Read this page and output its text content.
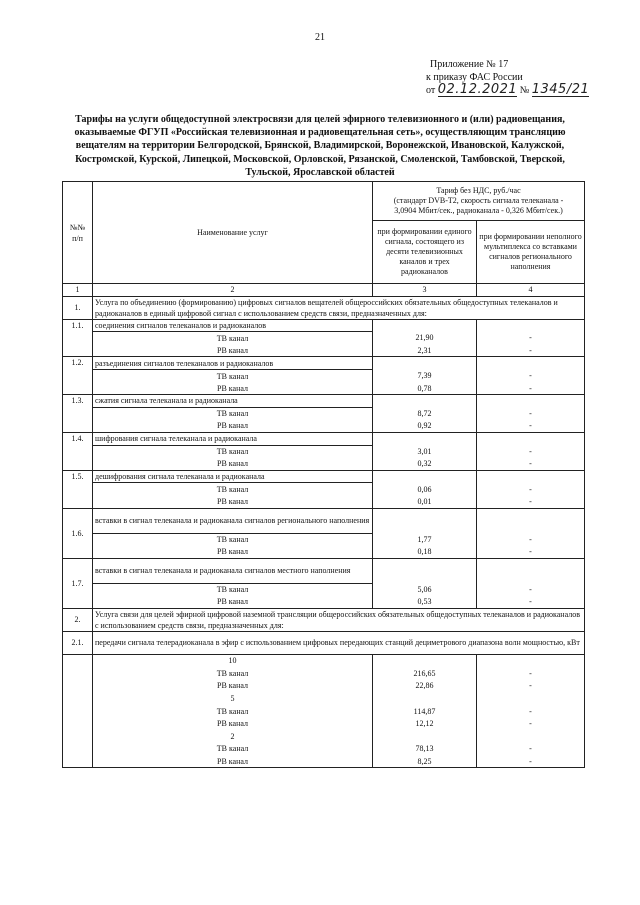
21
Приложение № 17
к приказу ФАС России
от 02.12.2021 № 1345/21
Тарифы на услуги общедоступной электросвязи для целей эфирного телевизионного и (или) радиовещания, оказываемые ФГУП «Российская телевизионная и радиовещательная сеть», осуществляющим трансляцию вещателям на территории Белгородской, Брянской, Владимирской, Воронежской, Ивановской, Калужской, Костромской, Курской, Липецкой, Московской, Орловской, Рязанской, Смоленской, Тамбовской, Тверской, Тульской, Ярославской областей
№№
п/п	Наименование услуг	Тариф без НДС, руб./час
(стандарт DVB-T2, скорость сигнала телеканала -
3,0904 Мбит/сек., радиоканала - 0,326 Мбит/сек.)	
		при формировании единого сигнала, состоящего из десяти телевизионных каналов и трех радиоканалов	при формировании неполного мультиплекса со вставками сигналов регионального наполнения
1	2	3	4
1.	Услуга по объединению (формированию) цифровых сигналов вещателей общероссийских обязательных общедоступных телеканалов и радиоканалов в единый цифровой сигнал с использованием средств связи, предназначенных для:		
1.1.	соединения сигналов телеканалов и радиоканалов		
	ТВ канал	21,90	-
	РВ канал	2,31	-
1.2.	разъединения сигналов телеканалов и радиоканалов		
	ТВ канал	7,39	-
	РВ канал	0,78	-
1.3.	сжатия сигнала телеканала и радиоканала		
	ТВ канал	8,72	-
	РВ канал	0,92	-
1.4.	шифрования сигнала телеканала и радиоканала		
	ТВ канал	3,01	-
	РВ канал	0,32	-
1.5.	дешифрования сигнала телеканала и радиоканала		
	ТВ канал	0,06	-
	РВ канал	0,01	-
1.6.	вставки в сигнал телеканала и радиоканала сигналов регионального наполнения		
	ТВ канал	1,77	-
	РВ канал	0,18	-
1.7.	вставки в сигнал телеканала и радиоканала сигналов местного наполнения		
	ТВ канал	5,06	-
	РВ канал	0,53	-
2.	Услуга связи для целей эфирной цифровой наземной трансляции общероссийских обязательных общедоступных телеканалов и радиоканалов с использованием средств связи, предназначенных для:		
2.1.	передачи сигнала телерадиоканала в эфир с использованием цифровых передающих станций дециметрового диапазона волн мощностью, кВт		
	10		
	ТВ канал	216,65	-
	РВ канал	22,86	-
	5		
	ТВ канал	114,87	-
	РВ канал	12,12	-
	2		
	ТВ канал	78,13	-
	РВ канал	8,25	-
